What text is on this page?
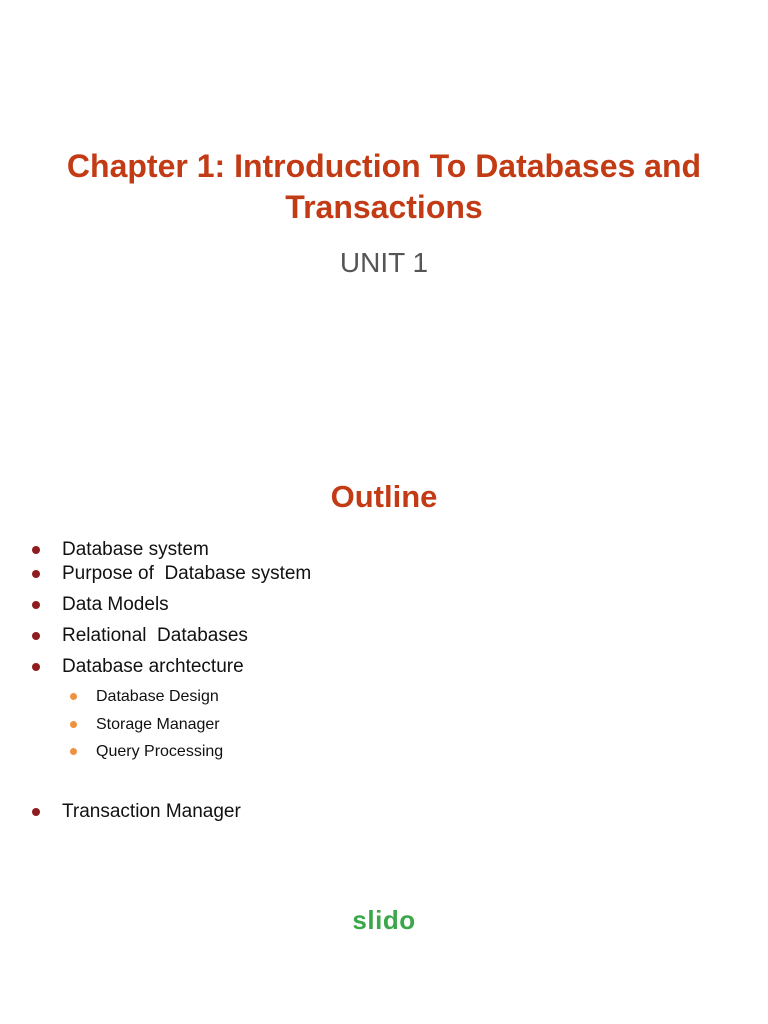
Chapter 1: Introduction To Databases and Transactions
UNIT 1
Outline
Database system
Purpose of  Database system
Data Models
Relational  Databases
Database archtecture
Database Design
Storage Manager
Query Processing
Transaction Manager
slido
